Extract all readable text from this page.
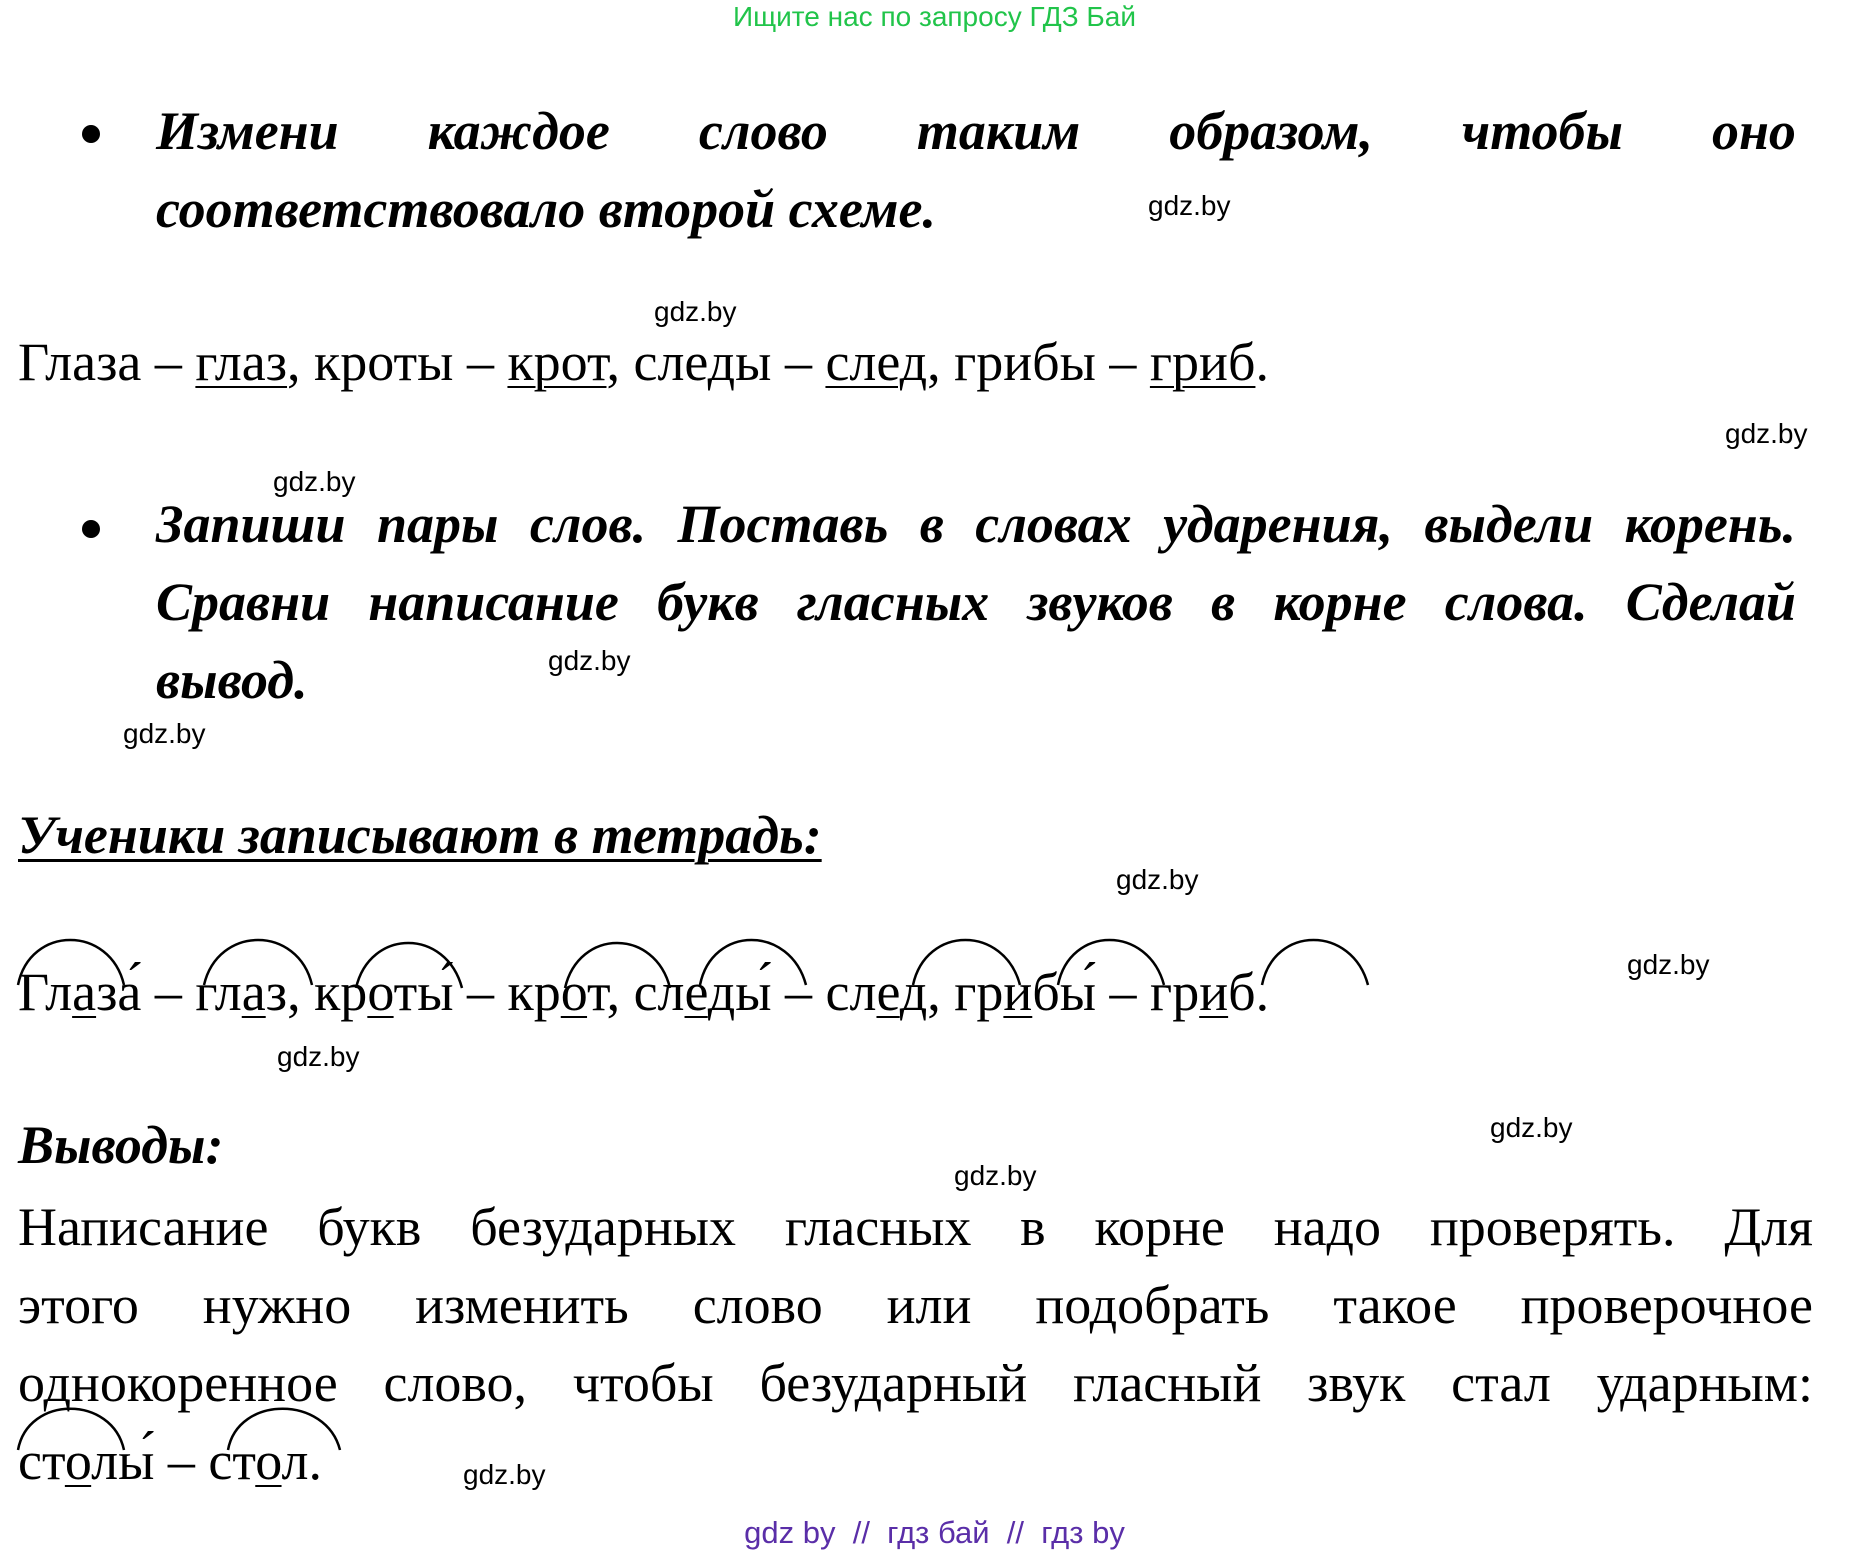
Ищите нас по запросу ГДЗ Бай
gdz.by
gdz.by
gdz.by
gdz.by
gdz.by
gdz.by
gdz.by
gdz.by
gdz.by
gdz.by
gdz.by
gdz.by
Измени каждое слово таким образом, чтобы оно
соответствовало второй схеме.
Глаза – глаз, кроты – крот, следы – след, грибы – гриб.
Запиши пары слов. Поставь в словах ударения, выдели корень.
Сравни написание букв гласных звуков в корне слова. Сделай
вывод.
Ученики записывают в тетрадь:
Глаза́ – глаз, кроты́ – крот, следы́ – след, грибы́ – гриб.
Выводы:
Написание букв безударных гласных в корне надо проверять. Для
этого нужно изменить слово или подобрать такое проверочное
однокоренное слово, чтобы безударный гласный звук стал ударным:
столы́ – стол.
gdz by  //  гдз бай  //  гдз by
